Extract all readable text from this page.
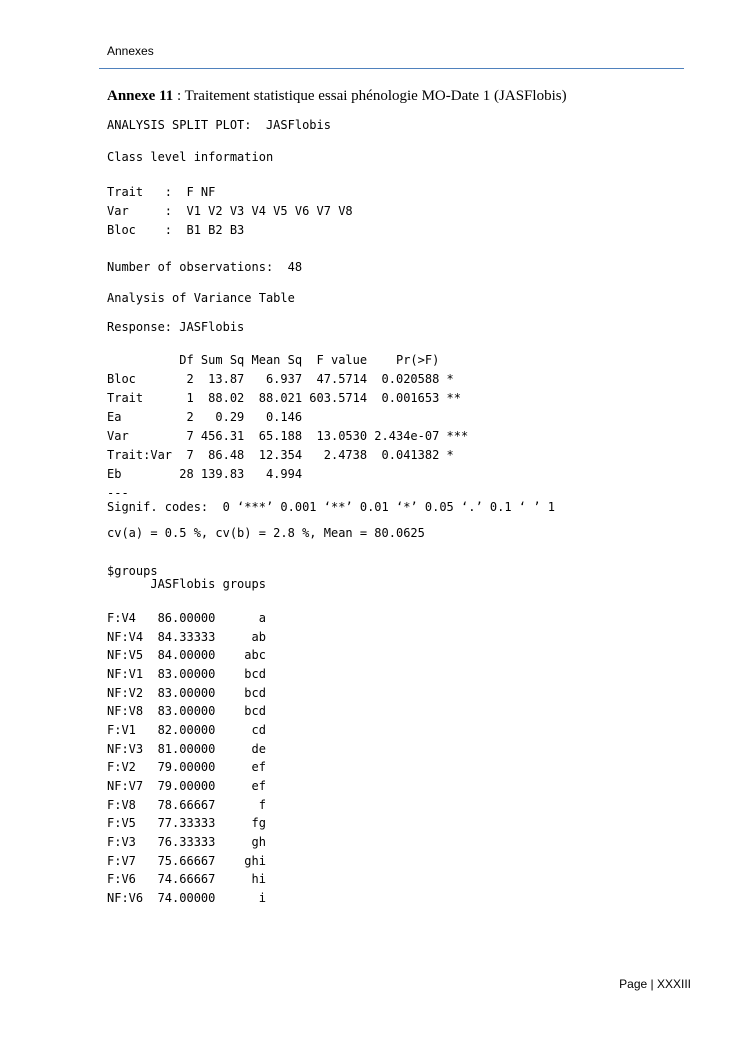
Annexes
Annexe 11 : Traitement statistique essai phénologie MO-Date 1 (JASFlobis)
ANALYSIS SPLIT PLOT:  JASFlobis
Class level information
Trait   :  F NF
Var     :  V1 V2 V3 V4 V5 V6 V7 V8
Bloc    :  B1 B2 B3
Number of observations:  48
Analysis of Variance Table
Response: JASFlobis
Df Sum Sq Mean Sq  F value    Pr(>F)
Bloc       2  13.87   6.937  47.5714  0.020588 *
Trait      1  88.02  88.021 603.5714  0.001653 **
Ea         2   0.29   0.146
Var        7 456.31  65.188  13.0530 2.434e-07 ***
Trait:Var  7  86.48  12.354   2.4738  0.041382 *
Eb        28 139.83   4.994
---
Signif. codes:  0 ‘***’ 0.001 ‘**’ 0.01 ‘*’ 0.05 ‘.’ 0.1 ‘ ’ 1
cv(a) = 0.5 %, cv(b) = 2.8 %, Mean = 80.0625
$groups
JASFlobis groups
F:V4   86.00000      a
NF:V4  84.33333     ab
NF:V5  84.00000    abc
NF:V1  83.00000    bcd
NF:V2  83.00000    bcd
NF:V8  83.00000    bcd
F:V1   82.00000     cd
NF:V3  81.00000     de
F:V2   79.00000     ef
NF:V7  79.00000     ef
F:V8   78.66667      f
F:V5   77.33333     fg
F:V3   76.33333     gh
F:V7   75.66667    ghi
F:V6   74.66667     hi
NF:V6  74.00000      i
Page | XXXIII
